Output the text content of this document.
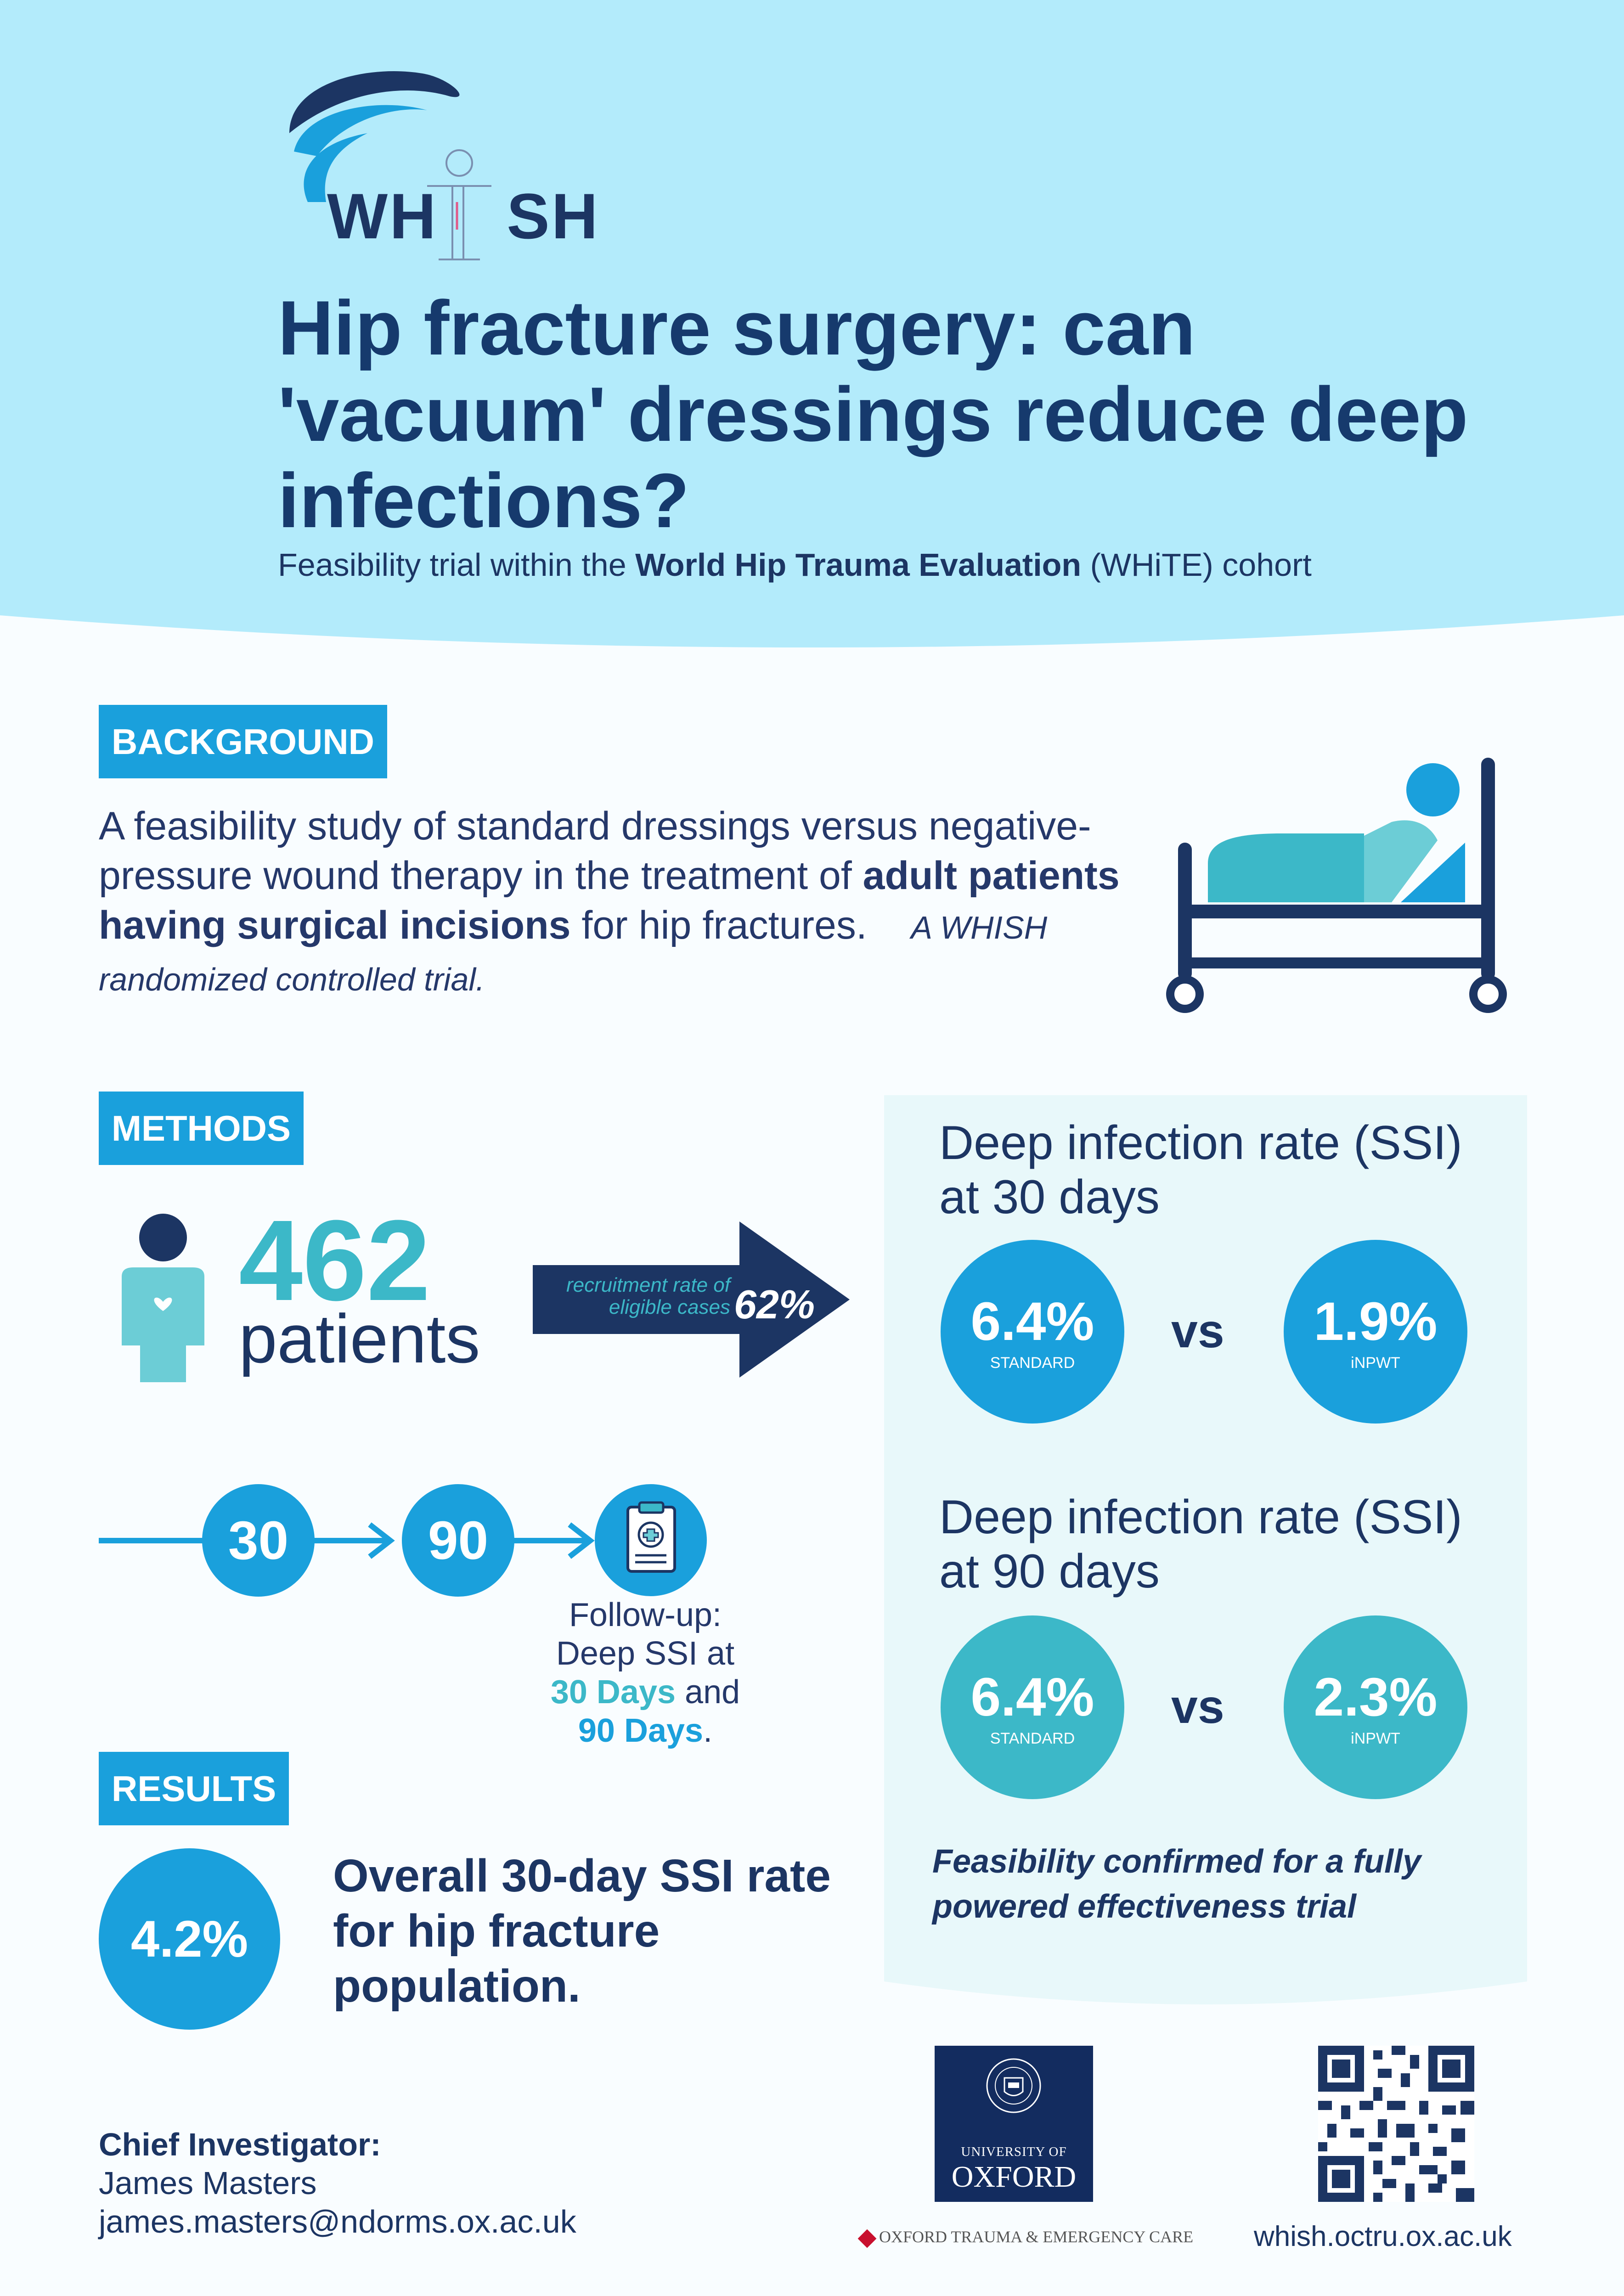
WH SH
Hip fracture surgery: can 'vacuum' dressings reduce deep infections?
Feasibility trial within the World Hip Trauma Evaluation (WHiTE) cohort
BACKGROUND
A feasibility study of standard dressings versus negative-pressure wound therapy in the treatment of adult patients having surgical incisions for hip fractures. A WHISH randomized controlled trial.
METHODS
462
patients
recruitment rate of eligible cases 62%
30	90
Follow-up:
Deep SSI at
30 Days and
90 Days.
RESULTS
4.2%
Overall 30-day SSI rate for hip fracture population.
Deep infection rate (SSI) at 30 days
6.4%
STANDARD
vs 1.9%
iNPWT
Deep infection rate (SSI) at 90 days
6.4%
STANDARD
vs 2.3%
iNPWT
Feasibility confirmed for a fully powered effectiveness trial
Chief Investigator:
James Masters
james.masters@ndorms.ox.ac.uk
UNIVERSITY OF
OXFORD
OXFORD TRAUMA & EMERGENCY CARE whish.octru.ox.ac.uk
